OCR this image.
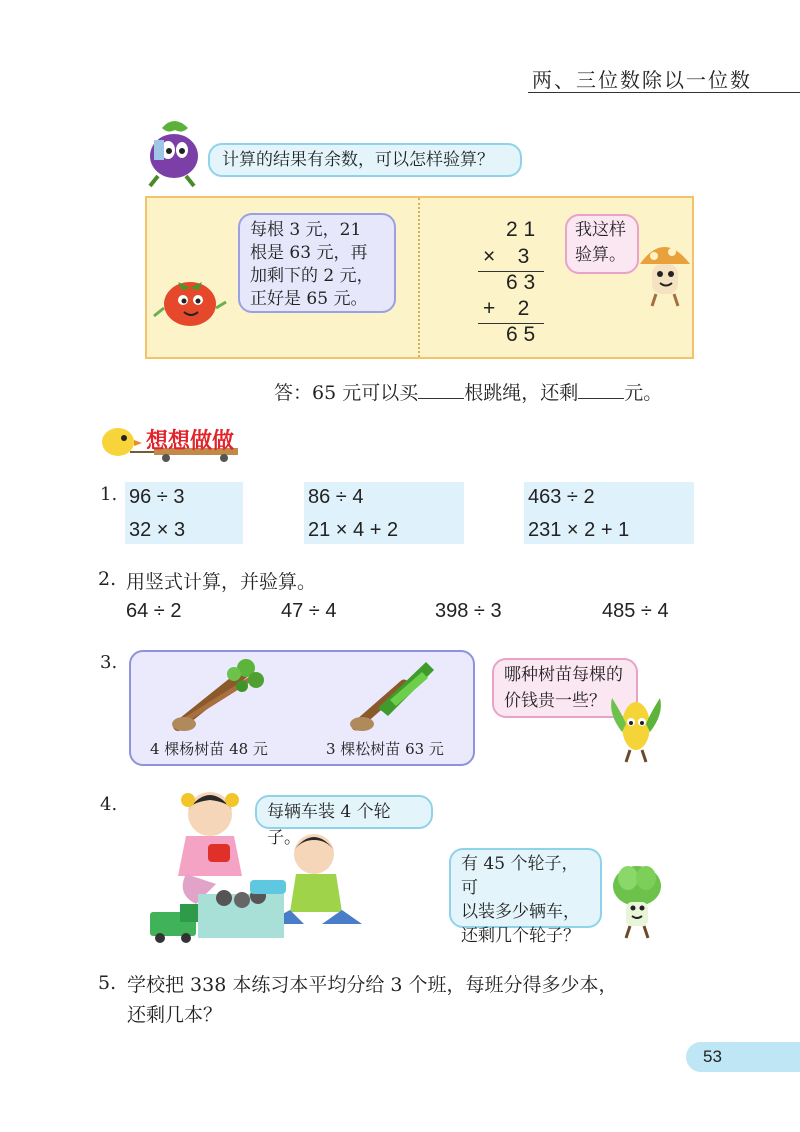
两、三位数除以一位数
计算的结果有余数，可以怎样验算？
每根 3 元，21
根是 63 元，再
加剩下的 2 元，
正好是 65 元。
2 1
× 3
6 3
+ 2
6 5
我这样
验算。
答：65 元可以买 根跳绳，还剩 元。
想想做做
1. 96 ÷ 3
32 × 3
86 ÷ 4
21 × 4 + 2
463 ÷ 2
231 × 2 + 1
2. 用竖式计算，并验算。
64 ÷ 2	47 ÷ 4	398 ÷ 3	485 ÷ 4
3.
4 棵杨树苗 48 元	3 棵松树苗 63 元
哪种树苗每棵的
价钱贵一些？
4.	每辆车装 4 个轮子。
有 45 个轮子，可
以装多少辆车，
还剩几个轮子？
5. 学校把 338 本练习本平均分给 3 个班，每班分得多少本，
还剩几本？
53
